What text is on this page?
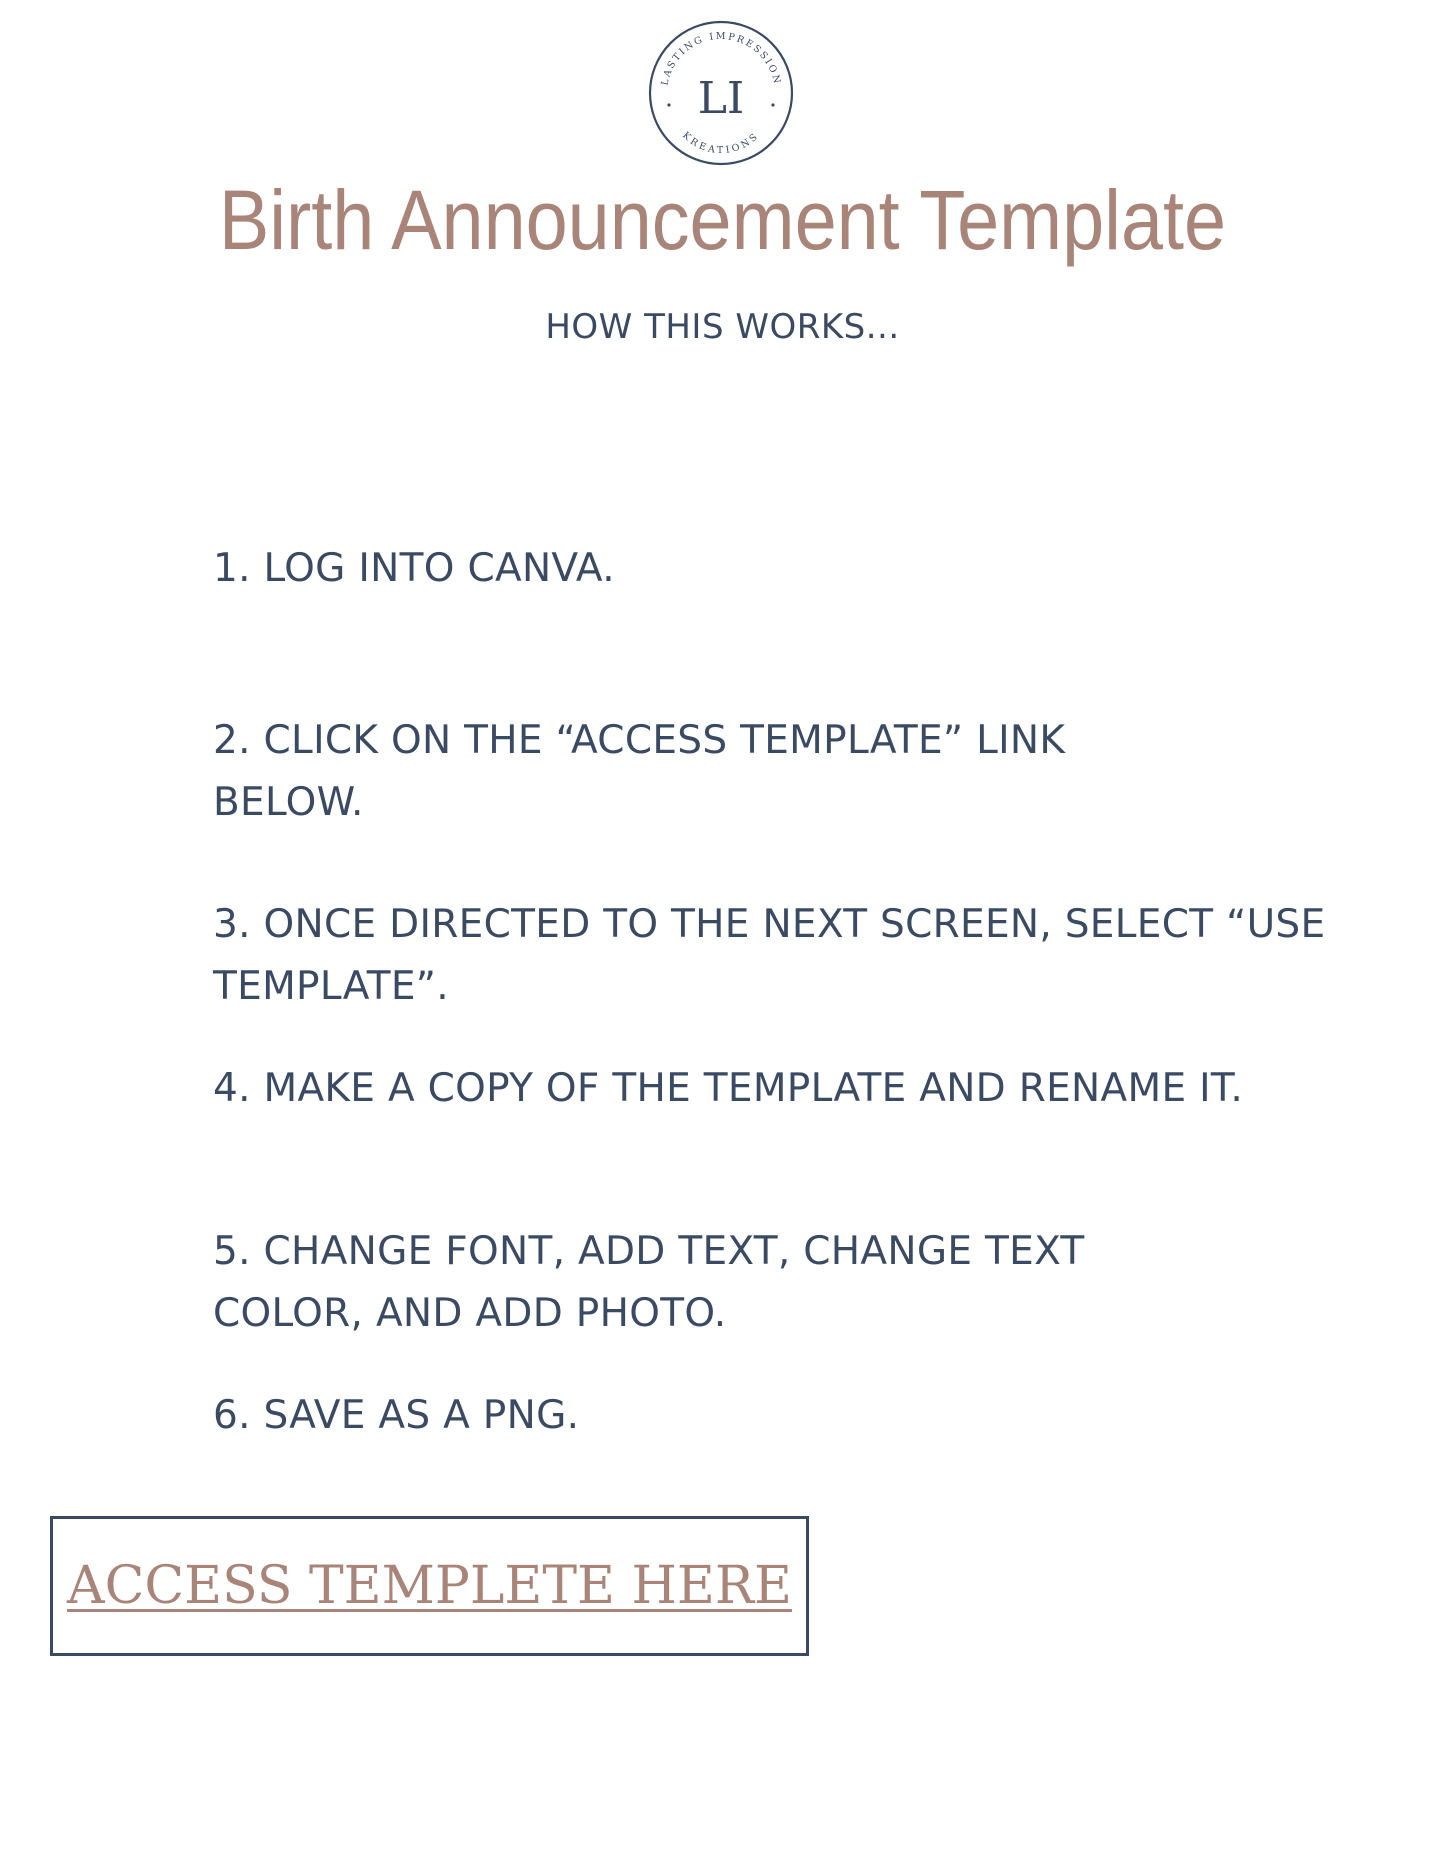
LASTING IMPRESSION
KREATIONS
LI
Birth Announcement Template
HOW THIS WORKS...
1. LOG INTO CANVA.
2. CLICK ON THE “ACCESS TEMPLATE” LINK BELOW.
3. ONCE DIRECTED TO THE NEXT SCREEN, SELECT “USE TEMPLATE”.
4. MAKE A COPY OF THE TEMPLATE AND RENAME IT.
5. CHANGE FONT, ADD TEXT, CHANGE TEXT COLOR, AND ADD PHOTO.
6. SAVE AS A PNG.
ACCESS TEMPLETE HERE
